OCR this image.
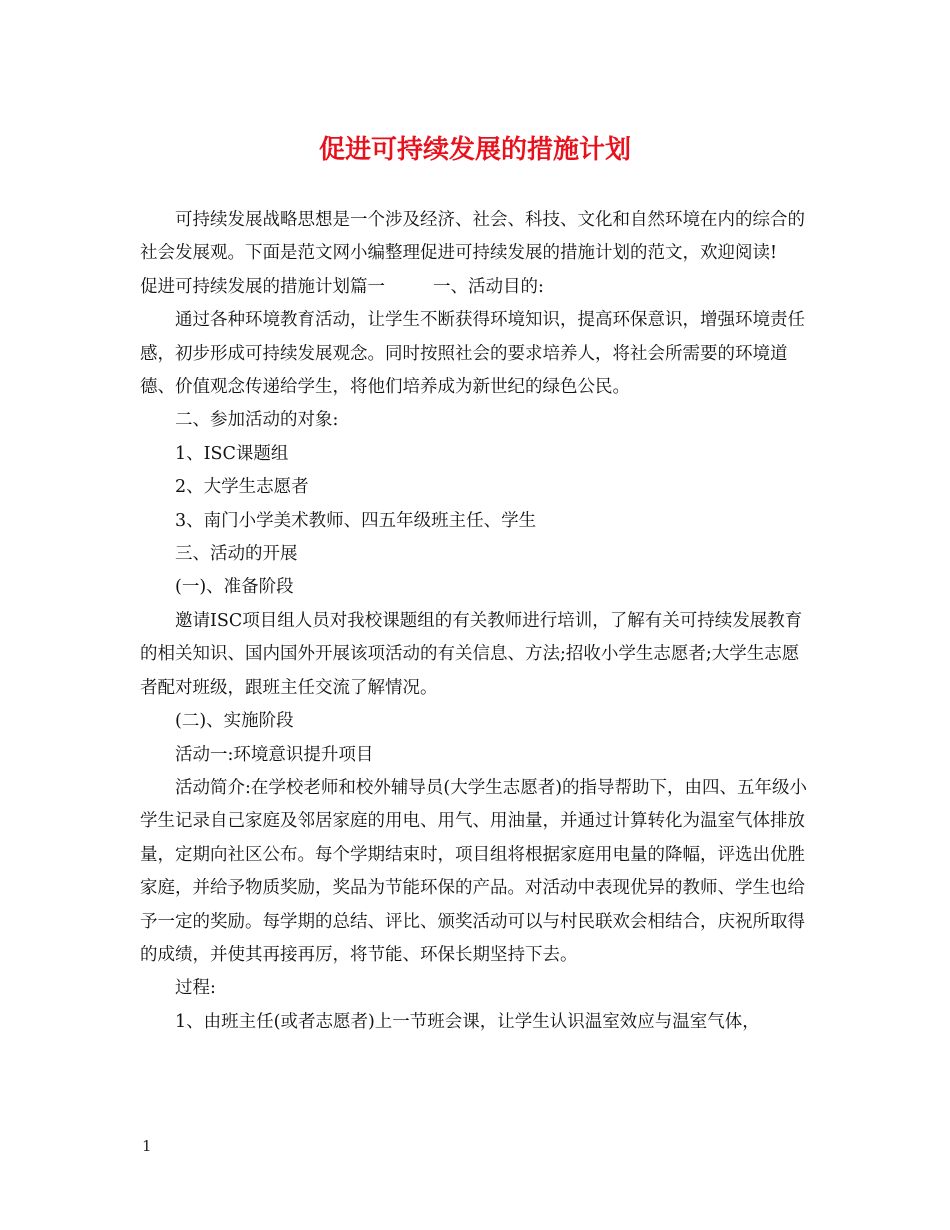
促进可持续发展的措施计划

可持续发展战略思想是一个涉及经济、社会、科技、文化和自然环境在内的综合的社会发展观。下面是范文网小编整理促进可持续发展的措施计划的范文，欢迎阅读!

促进可持续发展的措施计划篇一	一、活动目的:

通过各种环境教育活动，让学生不断获得环境知识，提高环保意识，增强环境责任感，初步形成可持续发展观念。同时按照社会的要求培养人，将社会所需要的环境道德、价值观念传递给学生，将他们培养成为新世纪的绿色公民。

二、参加活动的对象:

1、ISC课题组

2、大学生志愿者

3、南门小学美术教师、四五年级班主任、学生

三、活动的开展

(一)、准备阶段

邀请ISC项目组人员对我校课题组的有关教师进行培训，了解有关可持续发展教育的相关知识、国内国外开展该项活动的有关信息、方法;招收小学生志愿者;大学生志愿者配对班级，跟班主任交流了解情况。

(二)、实施阶段

活动一:环境意识提升项目

活动简介:在学校老师和校外辅导员(大学生志愿者)的指导帮助下，由四、五年级小学生记录自己家庭及邻居家庭的用电、用气、用油量，并通过计算转化为温室气体排放量，定期向社区公布。每个学期结束时，项目组将根据家庭用电量的降幅，评选出优胜家庭，并给予物质奖励，奖品为节能环保的产品。对活动中表现优异的教师、学生也给予一定的奖励。每学期的总结、评比、颁奖活动可以与村民联欢会相结合，庆祝所取得的成绩，并使其再接再厉，将节能、环保长期坚持下去。

过程:

1、由班主任(或者志愿者)上一节班会课，让学生认识温室效应与温室气体，

1
